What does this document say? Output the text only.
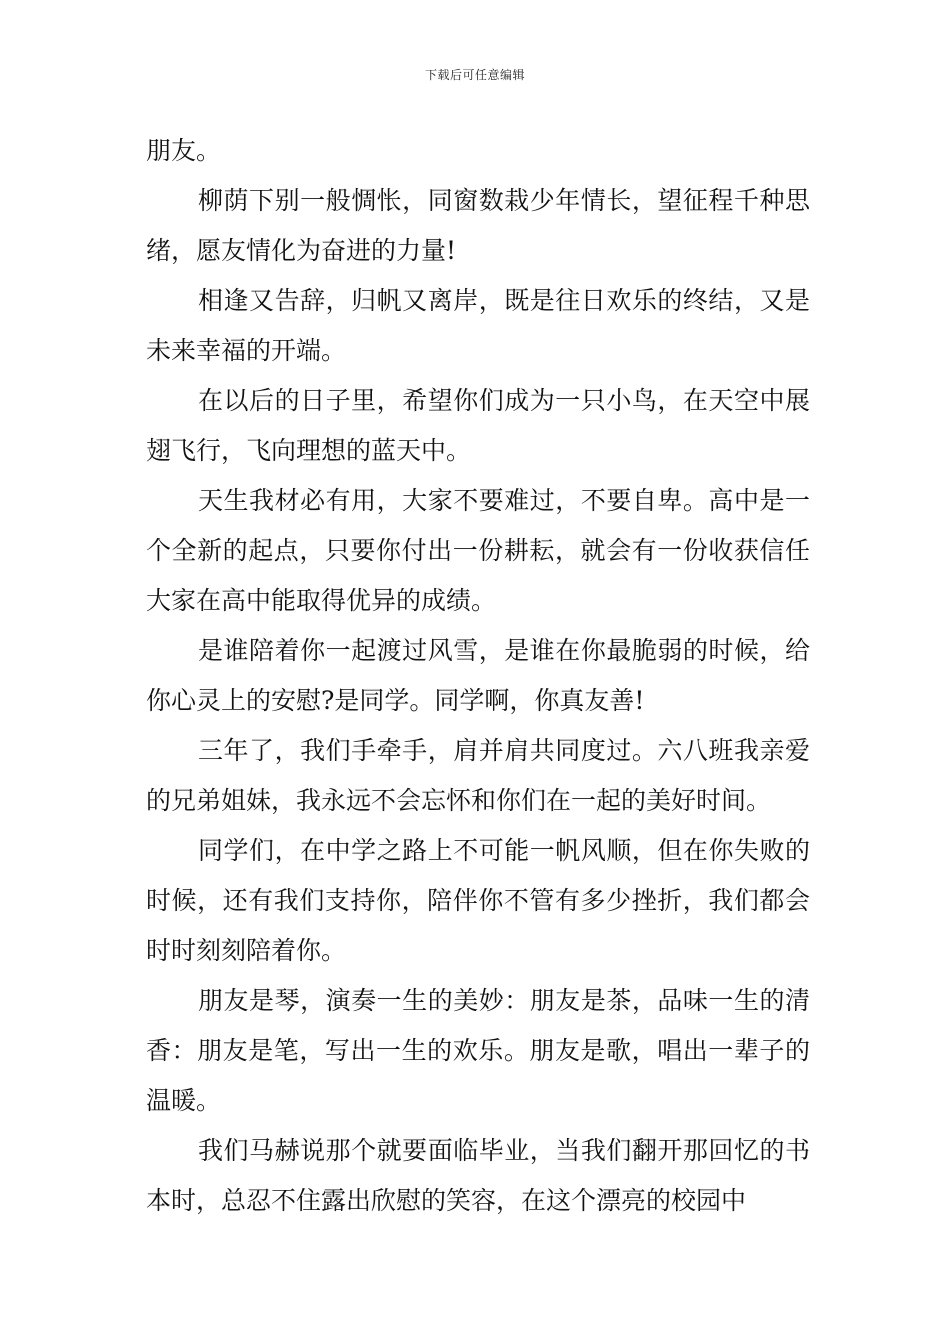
下载后可任意编辑

朋友。

柳荫下别一般惆怅，同窗数栽少年情长，望征程千种思绪，愿友情化为奋进的力量!

相逢又告辞，归帆又离岸，既是往日欢乐的终结，又是未来幸福的开端。

在以后的日子里，希望你们成为一只小鸟，在天空中展翅飞行，飞向理想的蓝天中。

天生我材必有用，大家不要难过，不要自卑。高中是一个全新的起点，只要你付出一份耕耘，就会有一份收获信任大家在高中能取得优异的成绩。

是谁陪着你一起渡过风雪，是谁在你最脆弱的时候，给你心灵上的安慰?是同学。同学啊，你真友善!

三年了，我们手牵手，肩并肩共同度过。六八班我亲爱的兄弟姐妹，我永远不会忘怀和你们在一起的美好时间。

同学们，在中学之路上不可能一帆风顺，但在你失败的时候，还有我们支持你，陪伴你不管有多少挫折，我们都会时时刻刻陪着你。

朋友是琴，演奏一生的美妙：朋友是茶，品味一生的清香：朋友是笔，写出一生的欢乐。朋友是歌，唱出一辈子的温暖。

我们马赫说那个就要面临毕业，当我们翻开那回忆的书本时，总忍不住露出欣慰的笑容，在这个漂亮的校园中
